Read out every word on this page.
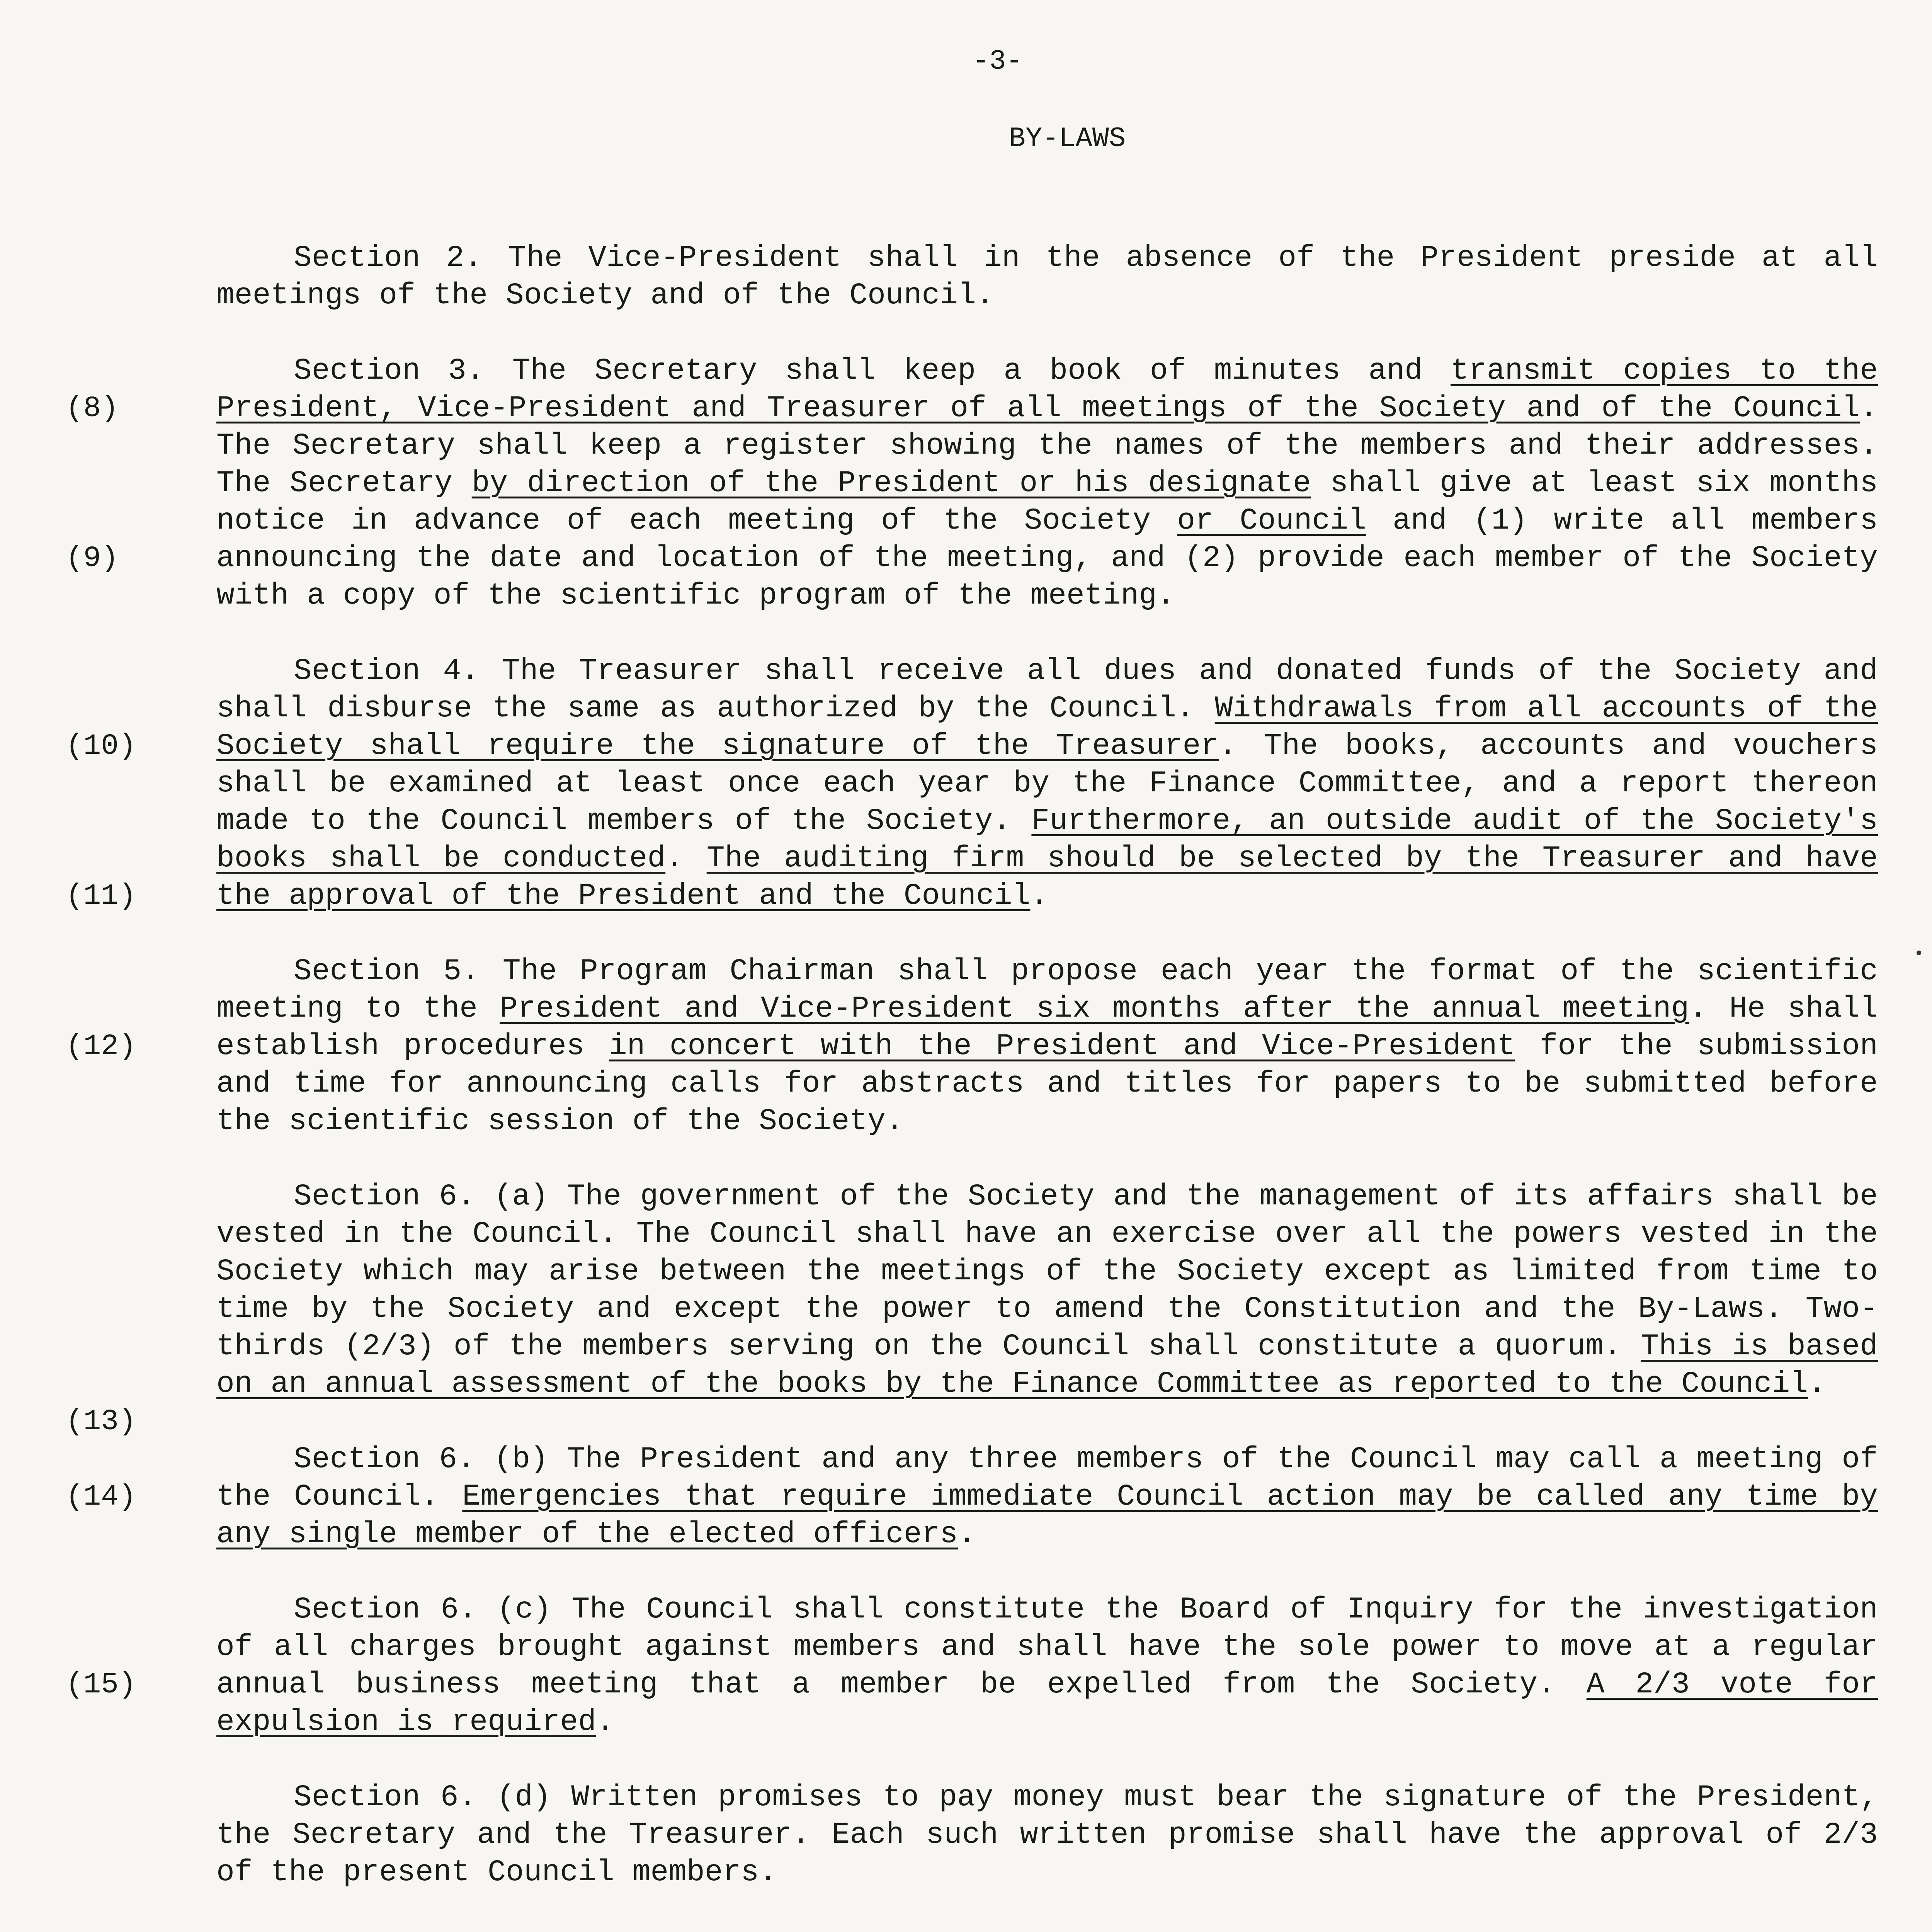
-3-
BY-LAWS
Section 2. The Vice-President shall in the absence of the President preside at all meetings of the Society and of the Council.
(8)
(9)
Section 3. The Secretary shall keep a book of minutes and transmit copies to the President, Vice-President and Treasurer of all meetings of the Society and of the Council. The Secretary shall keep a register showing the names of the members and their addresses. The Secretary by direction of the President or his designate shall give at least six months notice in advance of each meeting of the Society or Council and (1) write all members announcing the date and location of the meeting, and (2) provide each member of the Society with a copy of the scientific program of the meeting.
(10)
(11)
Section 4. The Treasurer shall receive all dues and donated funds of the Society and shall disburse the same as authorized by the Council. Withdrawals from all accounts of the Society shall require the signature of the Treasurer. The books, accounts and vouchers shall be examined at least once each year by the Finance Committee, and a report thereon made to the Council members of the Society. Furthermore, an outside audit of the Society's books shall be conducted. The auditing firm should be selected by the Treasurer and have the approval of the President and the Council.
(12)
Section 5. The Program Chairman shall propose each year the format of the scientific meeting to the President and Vice-President six months after the annual meeting. He shall establish procedures in concert with the President and Vice-President for the submission and time for announcing calls for abstracts and titles for papers to be submitted before the scientific session of the Society.
(13)
Section 6. (a) The government of the Society and the management of its affairs shall be vested in the Council. The Council shall have an exercise over all the powers vested in the Society which may arise between the meetings of the Society except as limited from time to time by the Society and except the power to amend the Constitution and the By-Laws. Two-thirds (2/3) of the members serving on the Council shall constitute a quorum. This is based on an annual assessment of the books by the Finance Committee as reported to the Council.
(14)
Section 6. (b) The President and any three members of the Council may call a meeting of the Council. Emergencies that require immediate Council action may be called any time by any single member of the elected officers.
(15)
Section 6. (c) The Council shall constitute the Board of Inquiry for the investigation of all charges brought against members and shall have the sole power to move at a regular annual business meeting that a member be expelled from the Society. A 2/3 vote for expulsion is required.
Section 6. (d) Written promises to pay money must bear the signature of the President, the Secretary and the Treasurer. Each such written promise shall have the approval of 2/3 of the present Council members.
